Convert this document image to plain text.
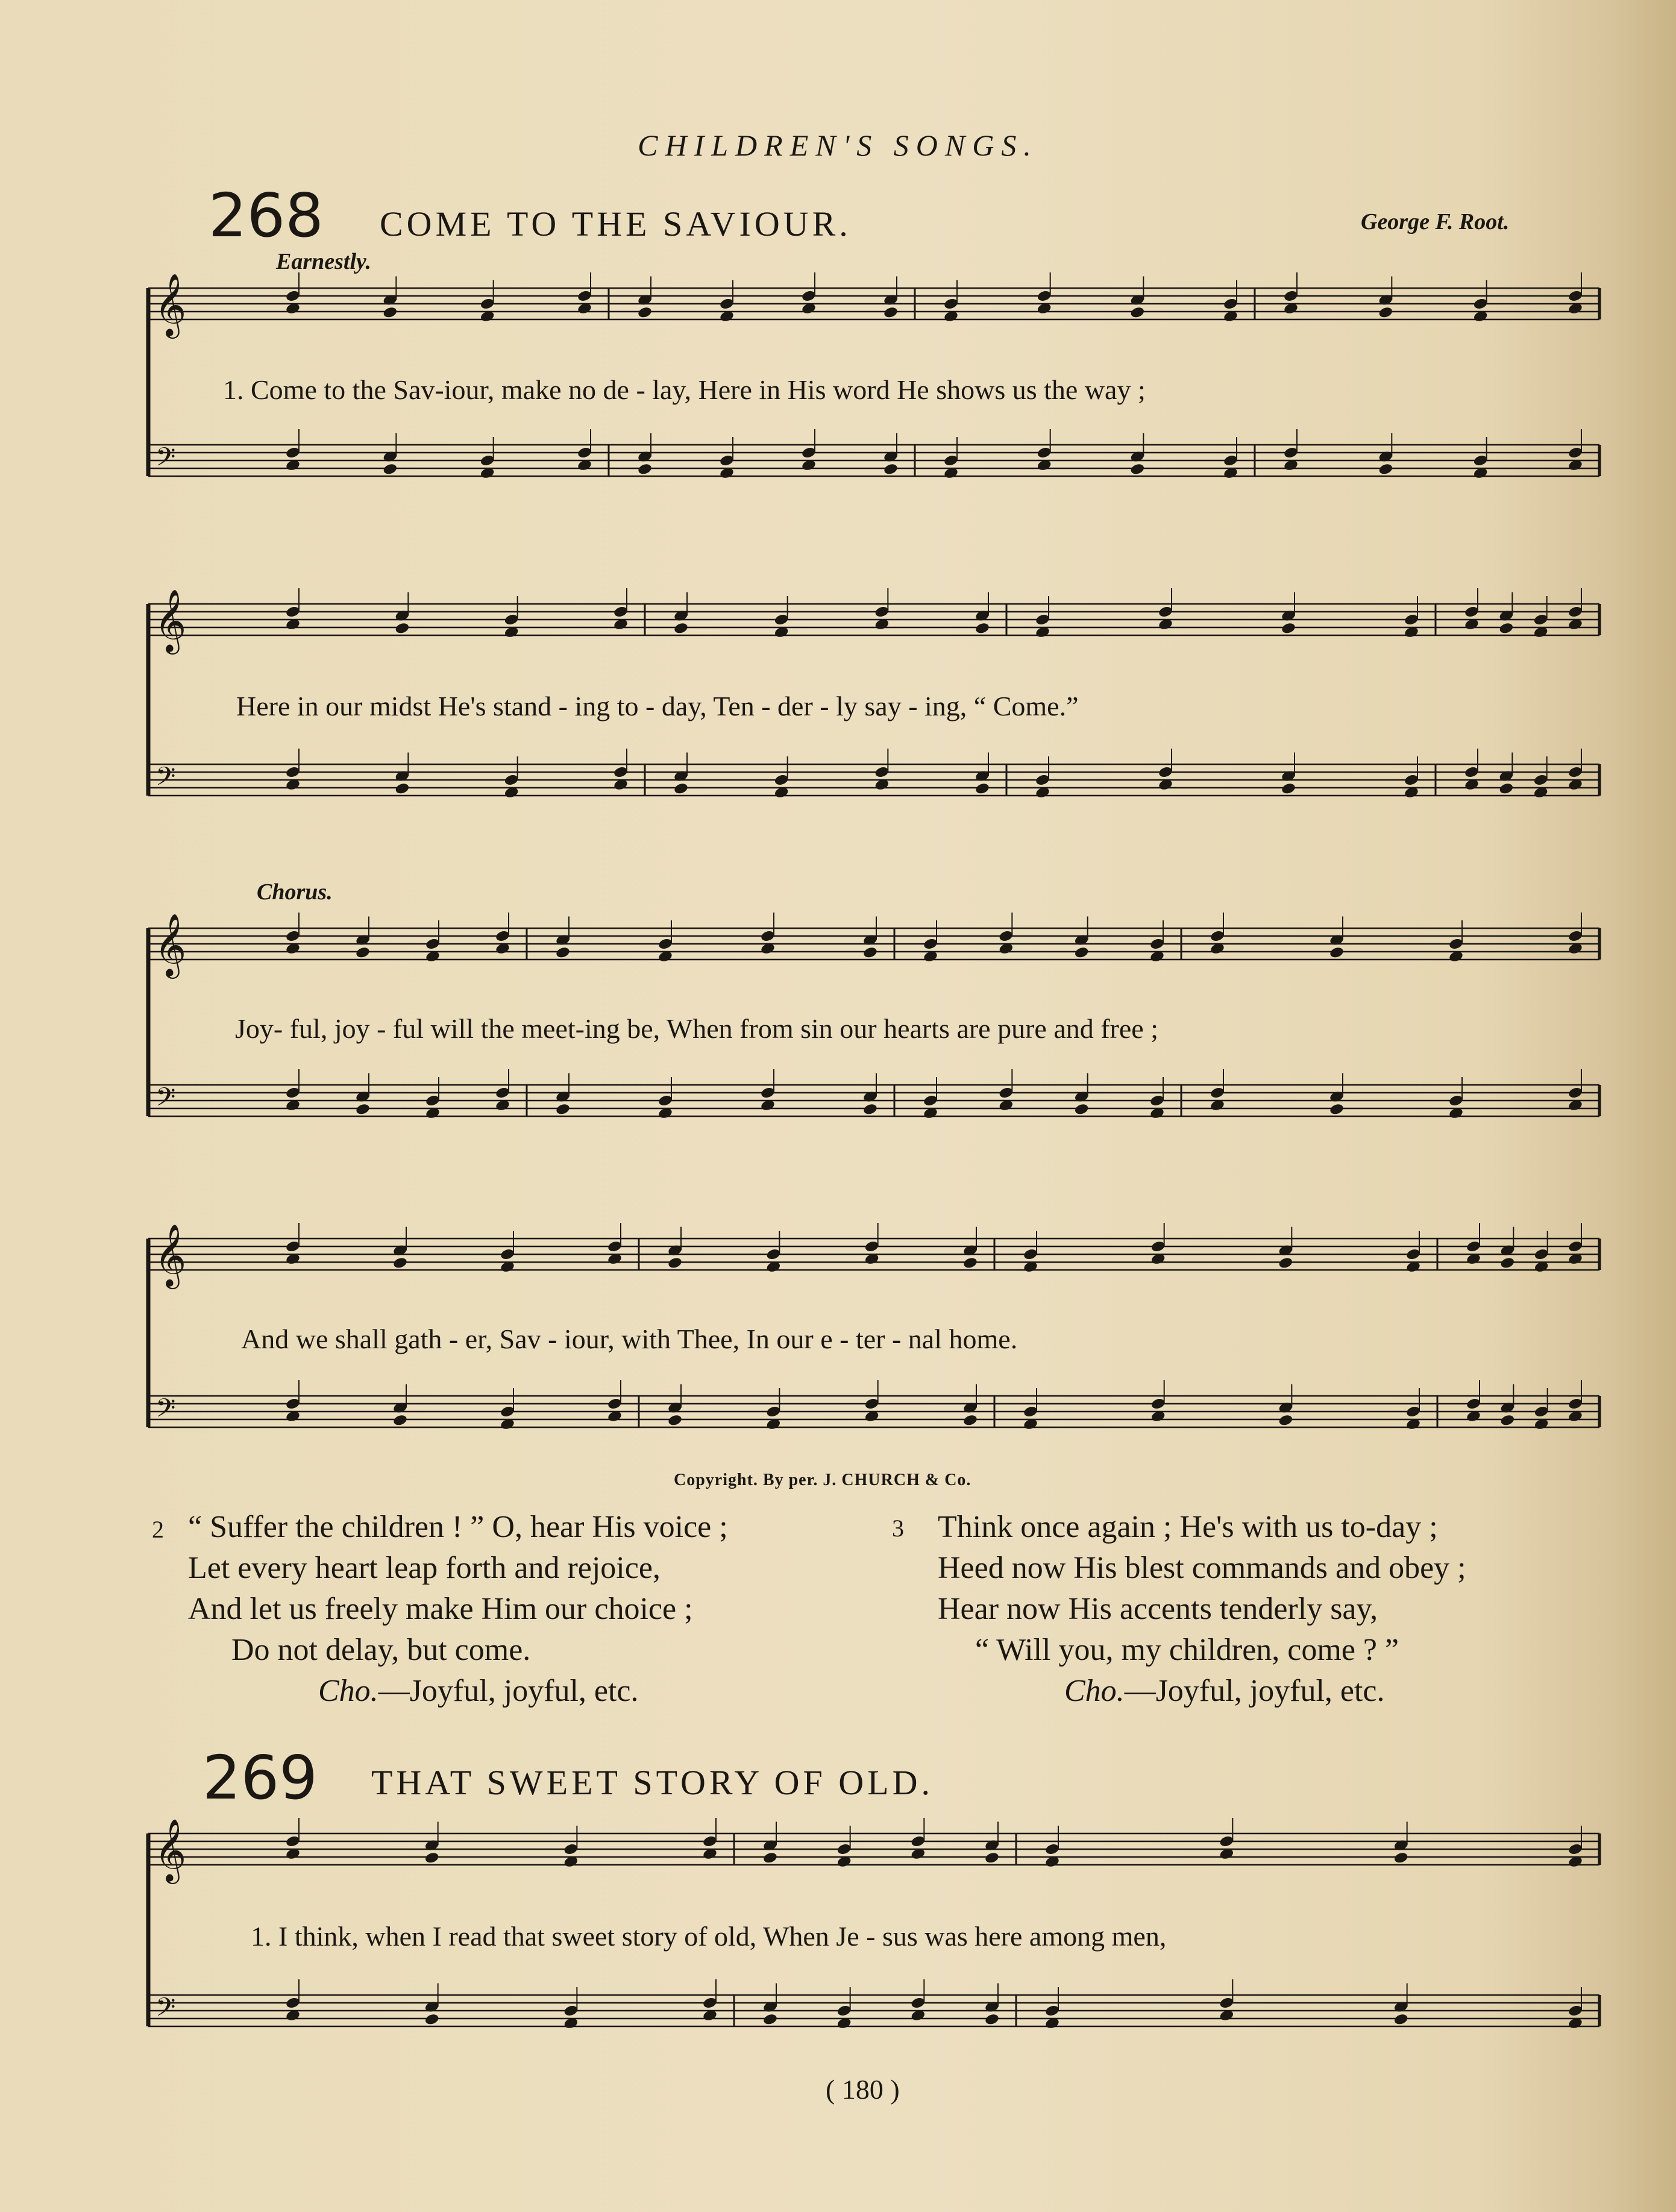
CHILDREN'S SONGS.
268 COME TO THE SAVIOUR.	George F. Root.
Earnestly.
𝄞
𝄢
𝄞
𝄢
𝄞
𝄢
𝄞
𝄢
𝄞
𝄢
1. Come to the Sav-iour, make no de - lay, Here in His word He shows us the way ;
Here in our midst He's stand - ing to - day, Ten - der - ly say - ing, “ Come.”
Chorus.
Joy- ful, joy - ful will the meet-ing be, When from sin our hearts are pure and free ;
And we shall gath - er, Sav - iour, with Thee, In our e - ter - nal home.
Copyright. By per. J. CHURCH & Co.
2 “ Suffer the children ! ” O, hear His voice ;
Let every heart leap forth and rejoice,
And let us freely make Him our choice ;
Do not delay, but come.
Cho.—Joyful, joyful, etc.
3 Think once again ; He's with us to-day ;
Heed now His blest commands and obey ;
Hear now His accents tenderly say,
“ Will you, my children, come ? ”
Cho.—Joyful, joyful, etc.
269 THAT SWEET STORY OF OLD.
1. I think, when I read that sweet story of old, When Je - sus was here among men,
( 180 )
